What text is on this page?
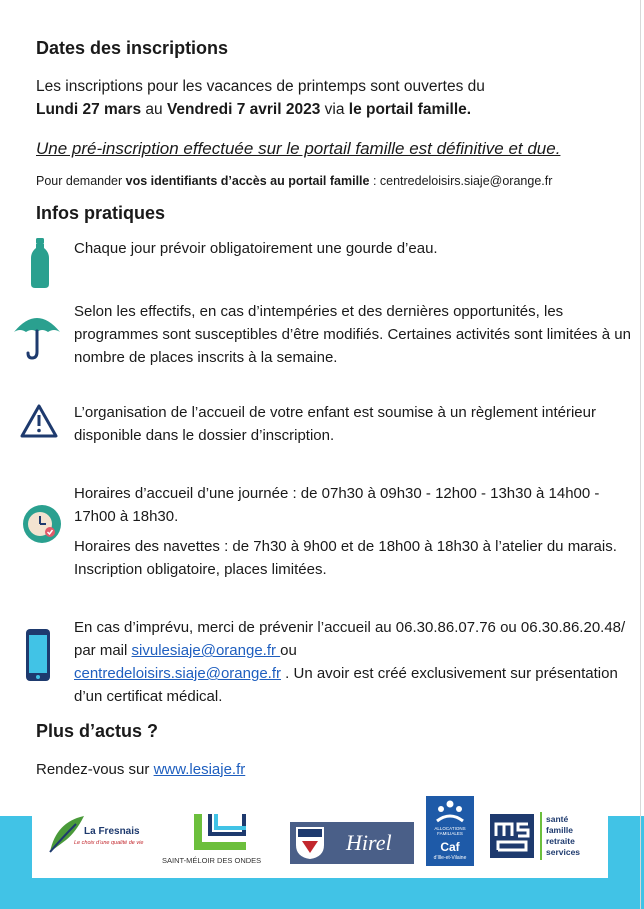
Dates des inscriptions

Les inscriptions pour les vacances de printemps sont ouvertes du

Lundi 27 mars au Vendredi 7 avril 2023 via le portail famille.

Une pré-inscription effectuée sur le portail famille est définitive et due.

Pour demander vos identifiants d’accès au portail famille : centredeloisirs.siaje@orange.fr

Infos pratiques

Chaque jour prévoir obligatoirement une gourde d’eau.

Selon les effectifs, en cas d’intempéries et des dernières opportunités, les programmes sont susceptibles d’être modifiés. Certaines activités sont limitées à un nombre de places inscrits à la semaine.

L’organisation de l’accueil de votre enfant est soumise à un règlement intérieur disponible dans le dossier d’inscription.

Horaires d’accueil d’une journée : de 07h30 à 09h30 - 12h00 - 13h30 à 14h00 - 17h00 à 18h30.

Horaires des navettes : de 7h30 à 9h00 et de 18h00 à 18h30 à l’atelier du marais. Inscription obligatoire, places limitées.

En cas d’imprévu, merci de prévenir l’accueil au 06.30.86.07.76 ou 06.30.86.20.48/ par mail sivulesiaje@orange.fr ou
centredeloisirs.siaje@orange.fr . Un avoir est créé exclusivement sur présentation d’un certificat médical.

Plus d’actus ?

Rendez-vous sur www.lesiaje.fr

La Fresnais
Le choix d’une qualité de vie
SAINT-MÉLOIR DES ONDES
Hirel
ALLOCATIONS FAMILIALES
Caf
d’Ille-et-Vilaine
santé
famille
retraite
services
